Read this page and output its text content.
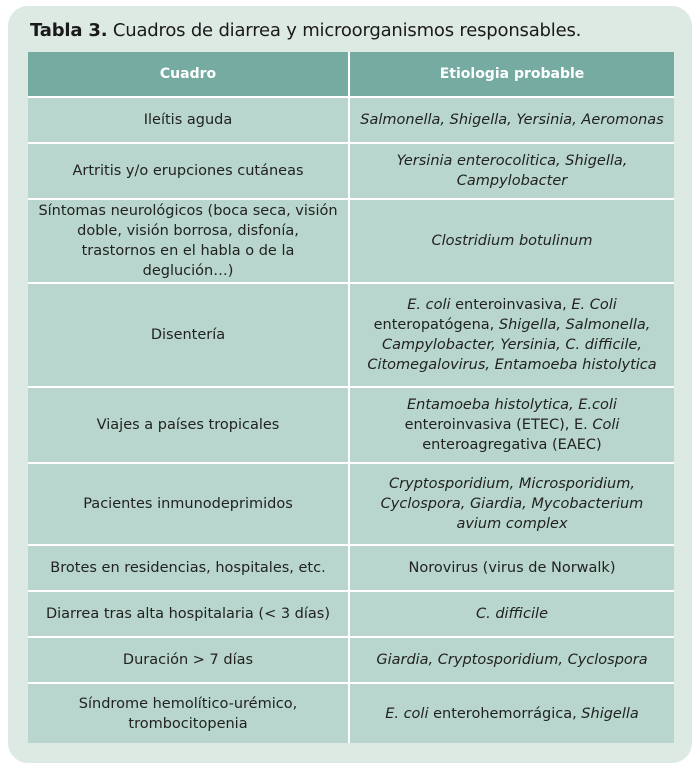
Tabla 3. Cuadros de diarrea y microorganismos responsables.
Cuadro	Etiologia probable
Ileítis aguda	Salmonella, Shigella, Yersinia, Aeromonas
Artritis y/o erupciones cutáneas	Yersinia enterocolitica, Shigella, Campylobacter
Síntomas neurológicos (boca seca, visión doble, visión borrosa, disfonía, trastornos en el habla o de la deglución…)	Clostridium botulinum
Disentería	E. coli enteroinvasiva, E. Coli enteropatógena, Shigella, Salmonella, Campylobacter, Yersinia, C. difficile, Citomegalovirus, Entamoeba histolytica
Viajes a países tropicales	Entamoeba histolytica, E.coli enteroinvasiva (ETEC), E. Coli enteroagregativa (EAEC)
Pacientes inmunodeprimidos	Cryptosporidium, Microsporidium, Cyclospora, Giardia, Mycobacterium avium complex
Brotes en residencias, hospitales, etc.	Norovirus (virus de Norwalk)
Diarrea tras alta hospitalaria (< 3 días)	C. difficile
Duración > 7 días	Giardia, Cryptosporidium, Cyclospora
Síndrome hemolítico-urémico, trombocitopenia	E. coli enterohemorrágica, Shigella
